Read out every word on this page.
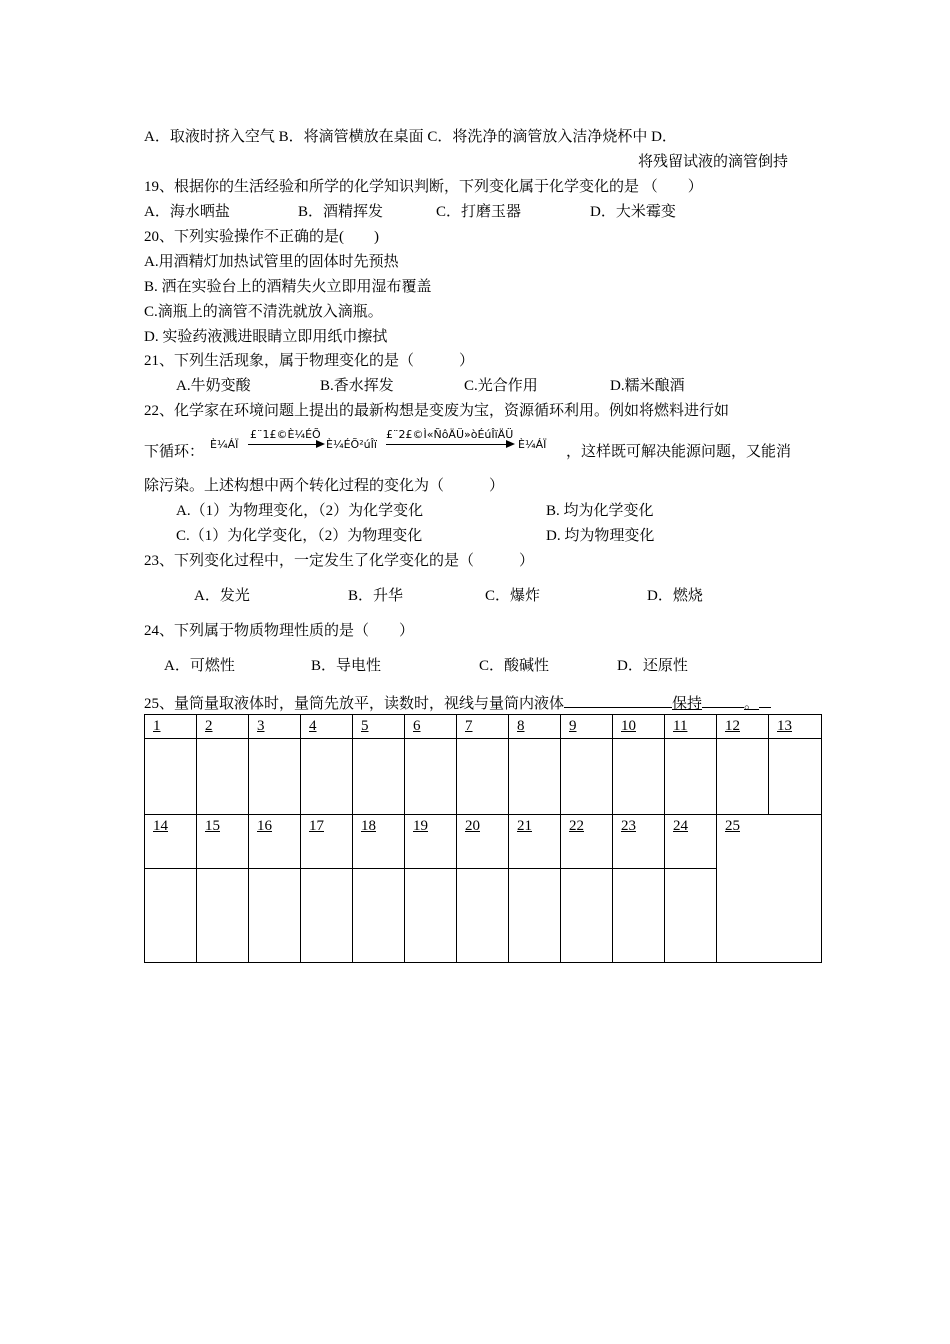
A．取液时挤入空气 B．将滴管横放在桌面 C．将洗净的滴管放入洁净烧杯中 D．
将残留试液的滴管倒持
19、根据你的生活经验和所学的化学知识判断，下列变化属于化学变化的是 （　　）
A．海水晒盐	B．酒精挥发	C．打磨玉器	D．大米霉变
20、下列实验操作不正确的是(　　)
A.用酒精灯加热试管里的固体时先预热
B. 洒在实验台上的酒精失火立即用湿布覆盖
C.滴瓶上的滴管不清洗就放入滴瓶。
D. 实验药液溅进眼睛立即用纸巾擦拭
21、下列生活现象，属于物理变化的是（　　　）
A.牛奶变酸	B.香水挥发	C.光合作用	D.糯米酿酒
22、化学家在环境问题上提出的最新构想是变废为宝，资源循环利用。例如将燃料进行如
下循环： È¼ÁÏ
£¨1£©È¼ÉÕ
È¼ÉÕ²úÎï
£¨2£©Ì«ÑôÄÜ»òÉúÎïÄÜ
È¼ÁÏ ，这样既可解决能源问题，又能消
除污染。上述构想中两个转化过程的变化为（　　　）
A.（1）为物理变化，（2）为化学变化	B. 均为化学变化
C.（1）为化学变化，（2）为物理变化	D. 均为物理变化
23、下列变化过程中，一定发生了化学变化的是（　　　）
A．发光	B．升华	C．爆炸	D．燃烧
24、下列属于物质物理性质的是（　　）
A．可燃性	B．导电性	C．酸碱性	D．还原性
25、量筒量取液体时，量筒先放平，读数时，视线与量筒内液体	保持	。
1	2	3	4	5	6	7	8	9	10	11	12	13

14	15	16	17	18	19	20	21	22	23	24	25	
